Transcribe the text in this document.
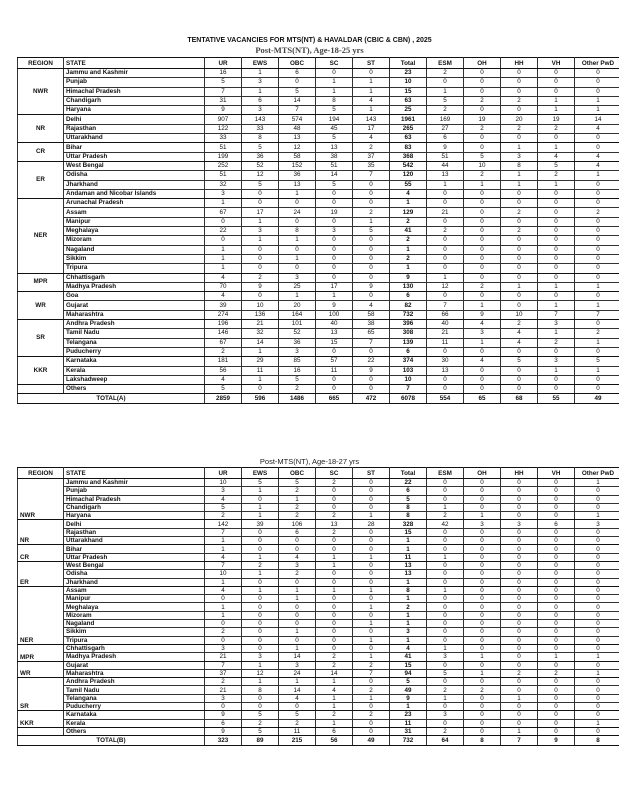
TENTATIVE VACANCIES FOR MTS(NT) & HAVALDAR (CBIC & CBN) , 2025
Post-MTS(NT), Age-18-25 yrs
REGION	STATE	UR	EWS	OBC	SC	ST	Total	ESM	OH	HH	VH	Other PwD
NWR	Jammu and Kashmir	16	1	6	0	0	23	2	0	0	0	0
	Punjab	5	3	0	1	1	10	0	0	0	0	0
	Himachal Pradesh	7	1	5	1	1	15	1	0	0	0	0
	Chandigarh	31	6	14	8	4	63	5	2	2	1	1
	Haryana	9	3	7	5	1	25	2	0	0	1	1
NR	Delhi	907	143	574	194	143	1961	169	19	20	19	14
	Rajasthan	122	33	48	45	17	265	27	2	2	2	4
	Uttarakhand	33	8	13	5	4	63	6	0	0	0	0
CR	Bihar	51	5	12	13	2	83	9	0	1	1	0
	Uttar Pradesh	199	36	58	38	37	368	51	5	3	4	4
ER	West Bengal	252	52	152	51	35	542	44	10	8	5	4
	Odisha	51	12	36	14	7	120	13	2	1	2	1
	Jharkhand	32	5	13	5	0	55	1	1	1	1	0
	Andaman and Nicobar Islands	3	0	1	0	0	4	0	0	0	0	0
NER	Arunachal Pradesh	1	0	0	0	0	1	0	0	0	0	0
	Assam	67	17	24	19	2	129	21	0	2	0	2
	Manipur	0	1	0	0	1	2	0	0	0	0	0
	Meghalaya	22	3	8	3	5	41	2	0	2	0	0
	Mizoram	0	1	1	0	0	2	0	0	0	0	0
	Nagaland	1	0	0	0	0	1	0	0	0	0	0
	Sikkim	1	0	1	0	0	2	0	0	0	0	0
	Tripura	1	0	0	0	0	1	0	0	0	0	0
MPR	Chhattisgarh	4	2	3	0	0	9	1	0	0	0	0
	Madhya Pradesh	70	9	25	17	9	130	12	2	1	1	1
WR	Goa	4	0	1	1	0	6	0	0	0	0	0
	Gujarat	39	10	20	9	4	82	7	1	0	1	1
	Maharashtra	274	136	164	100	58	732	66	9	10	7	7
SR	Andhra Pradesh	196	21	101	40	38	396	40	4	2	3	0
	Tamil Nadu	146	32	52	13	65	308	21	3	4	1	2
	Telangana	67	14	36	15	7	139	11	1	4	2	1
	Puducherry	2	1	3	0	0	6	0	0	0	0	0
KKR	Karnataka	181	29	85	57	22	374	30	4	5	3	5
	Kerala	56	11	16	11	9	103	13	0	0	1	1
	Lakshadweep	4	1	5	0	0	10	0	0	0	0	0
	Others	5	0	2	0	0	7	0	0	0	0	0
TOTAL(A)		2859	596	1486	665	472	6078	554	65	68	55	49
Post-MTS(NT), Age-18-27 yrs
REGION	STATE	UR	EWS	OBC	SC	ST	Total	ESM	OH	HH	VH	Other PwD
NWR	Jammu and Kashmir	10	5	5	2	0	22	0	0	0	0	1
	Punjab	3	1	2	0	0	6	0	0	0	0	0
	Himachal Pradesh	4	0	1	0	0	5	0	0	0	0	0
	Chandigarh	5	1	2	0	0	8	1	0	0	0	0
	Haryana	2	1	2	2	1	8	2	1	0	0	1
NR	Delhi	142	39	106	13	28	328	42	3	3	6	3
	Rajasthan	7	0	6	2	0	15	0	0	0	0	0
	Uttarakhand	1	0	0	0	0	1	0	0	0	0	0
CR	Bihar	1	0	0	0	0	1	0	0	0	0	0
	Uttar Pradesh	4	1	4	1	1	11	1	0	0	0	0
ER	West Bengal	7	2	3	1	0	13	0	0	0	0	0
	Odisha	10	1	2	0	0	13	0	0	0	0	0
	Jharkhand	1	0	0	0	0	1	0	0	0	0	0
NER	Assam	4	1	1	1	1	8	1	0	0	0	0
	Manipur	0	0	1	0	0	1	0	0	0	0	0
	Meghalaya	1	0	0	0	1	2	0	0	0	0	0
	Mizoram	1	0	0	0	0	1	0	0	0	0	0
	Nagaland	0	0	0	0	1	1	0	0	0	0	0
	Sikkim	2	0	1	0	0	3	0	0	0	0	0
	Tripura	0	0	0	0	1	1	0	0	0	0	0
MPR	Chhattisgarh	3	0	1	0	0	4	1	0	0	0	0
	Madhya Pradesh	21	3	14	2	1	41	3	1	0	1	1
WR	Gujarat	7	1	3	2	2	15	0	0	0	0	0
	Maharashtra	37	12	24	14	7	94	5	1	2	2	1
SR	Andhra Pradesh	2	1	1	1	0	5	0	0	0	0	0
	Tamil Nadu	21	8	14	4	2	49	2	2	0	0	0
	Telangana	3	0	4	1	1	9	1	0	1	0	0
	Puducherry	0	0	0	1	0	1	0	0	0	0	0
KKR	Karnataka	9	5	5	2	2	23	3	0	0	0	0
	Kerala	6	2	2	1	0	11	0	0	0	0	1
	Others	9	5	11	6	0	31	2	0	1	0	0
TOTAL(B)		323	89	215	56	49	732	64	8	7	9	8
